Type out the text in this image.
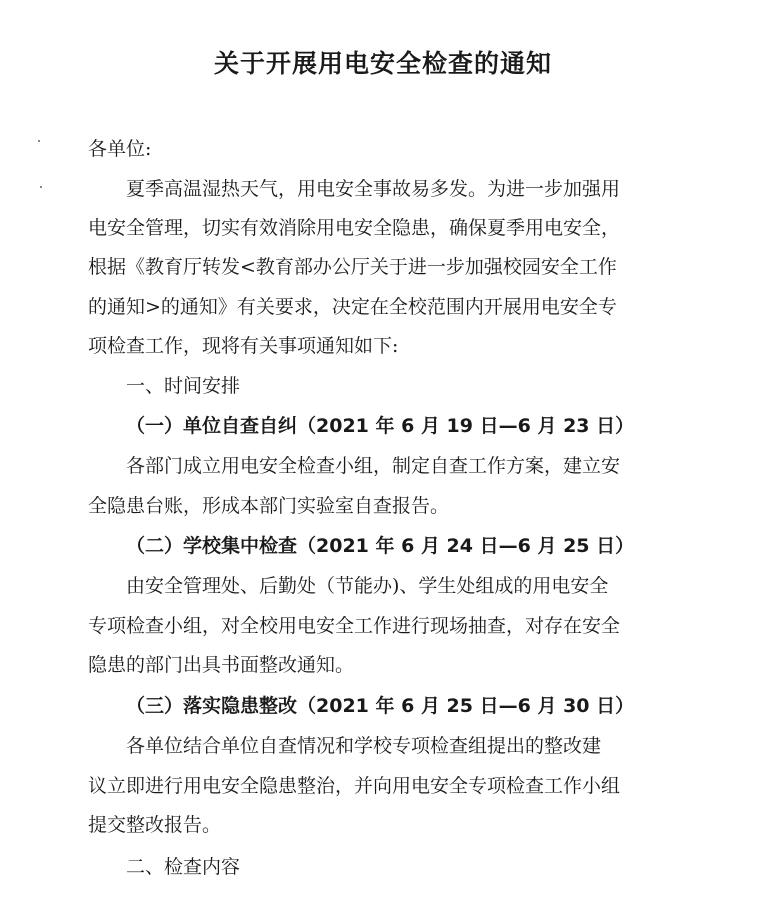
关于开展用电安全检查的通知
各单位:
夏季高温湿热天气，用电安全事故易多发。为进一步加强用
电安全管理，切实有效消除用电安全隐患，确保夏季用电安全，
根据《教育厅转发<教育部办公厅关于进一步加强校园安全工作
的通知>的通知》有关要求，决定在全校范围内开展用电安全专
项检查工作，现将有关事项通知如下:
一、时间安排
（一）单位自查自纠（2021 年 6 月 19 日—6 月 23 日）
各部门成立用电安全检查小组，制定自查工作方案，建立安
全隐患台账，形成本部门实验室自查报告。
（二）学校集中检查（2021 年 6 月 24 日—6 月 25 日）
由安全管理处、后勤处（节能办)、学生处组成的用电安全
专项检查小组，对全校用电安全工作进行现场抽查，对存在安全
隐患的部门出具书面整改通知。
（三）落实隐患整改（2021 年 6 月 25 日—6 月 30 日）
各单位结合单位自查情况和学校专项检查组提出的整改建
议立即进行用电安全隐患整治，并向用电安全专项检查工作小组
提交整改报告。
二、检查内容
